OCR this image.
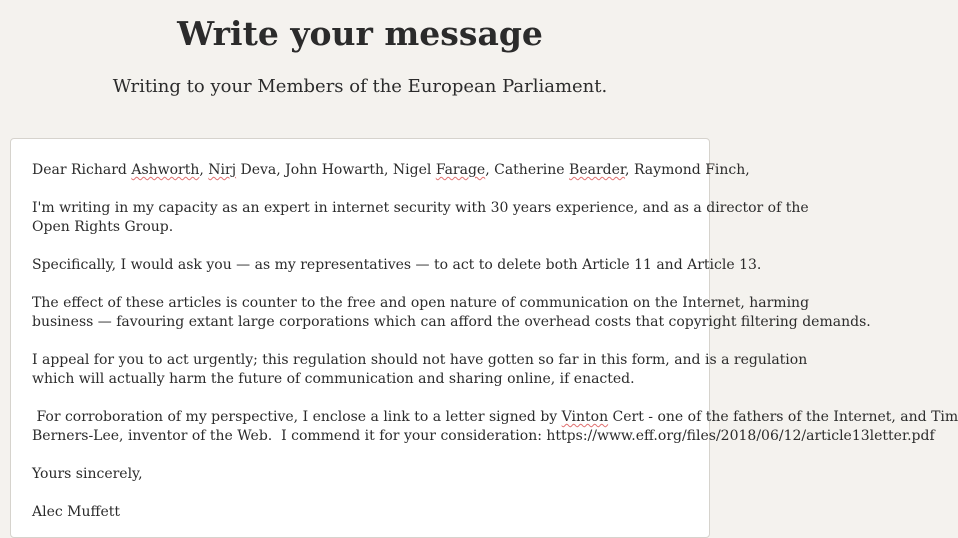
Write your message

Writing to your Members of the European Parliament.

Dear Richard Ashworth, Nirj Deva, John Howarth, Nigel Farage, Catherine Bearder, Raymond Finch,
I'm writing in my capacity as an expert in internet security with 30 years experience, and as a director of the
Open Rights Group.
Specifically, I would ask you — as my representatives — to act to delete both Article 11 and Article 13.
The effect of these articles is counter to the free and open nature of communication on the Internet, harming
business — favouring extant large corporations which can afford the overhead costs that copyright filtering demands.
I appeal for you to act urgently; this regulation should not have gotten so far in this form, and is a regulation
which will actually harm the future of communication and sharing online, if enacted.
For corroboration of my perspective, I enclose a link to a letter signed by Vinton Cert - one of the fathers of the Internet, and Tim
Berners-Lee, inventor of the Web.  I commend it for your consideration: https://www.eff.org/files/2018/06/12/article13letter.pdf
Yours sincerely,
Alec Muffett
